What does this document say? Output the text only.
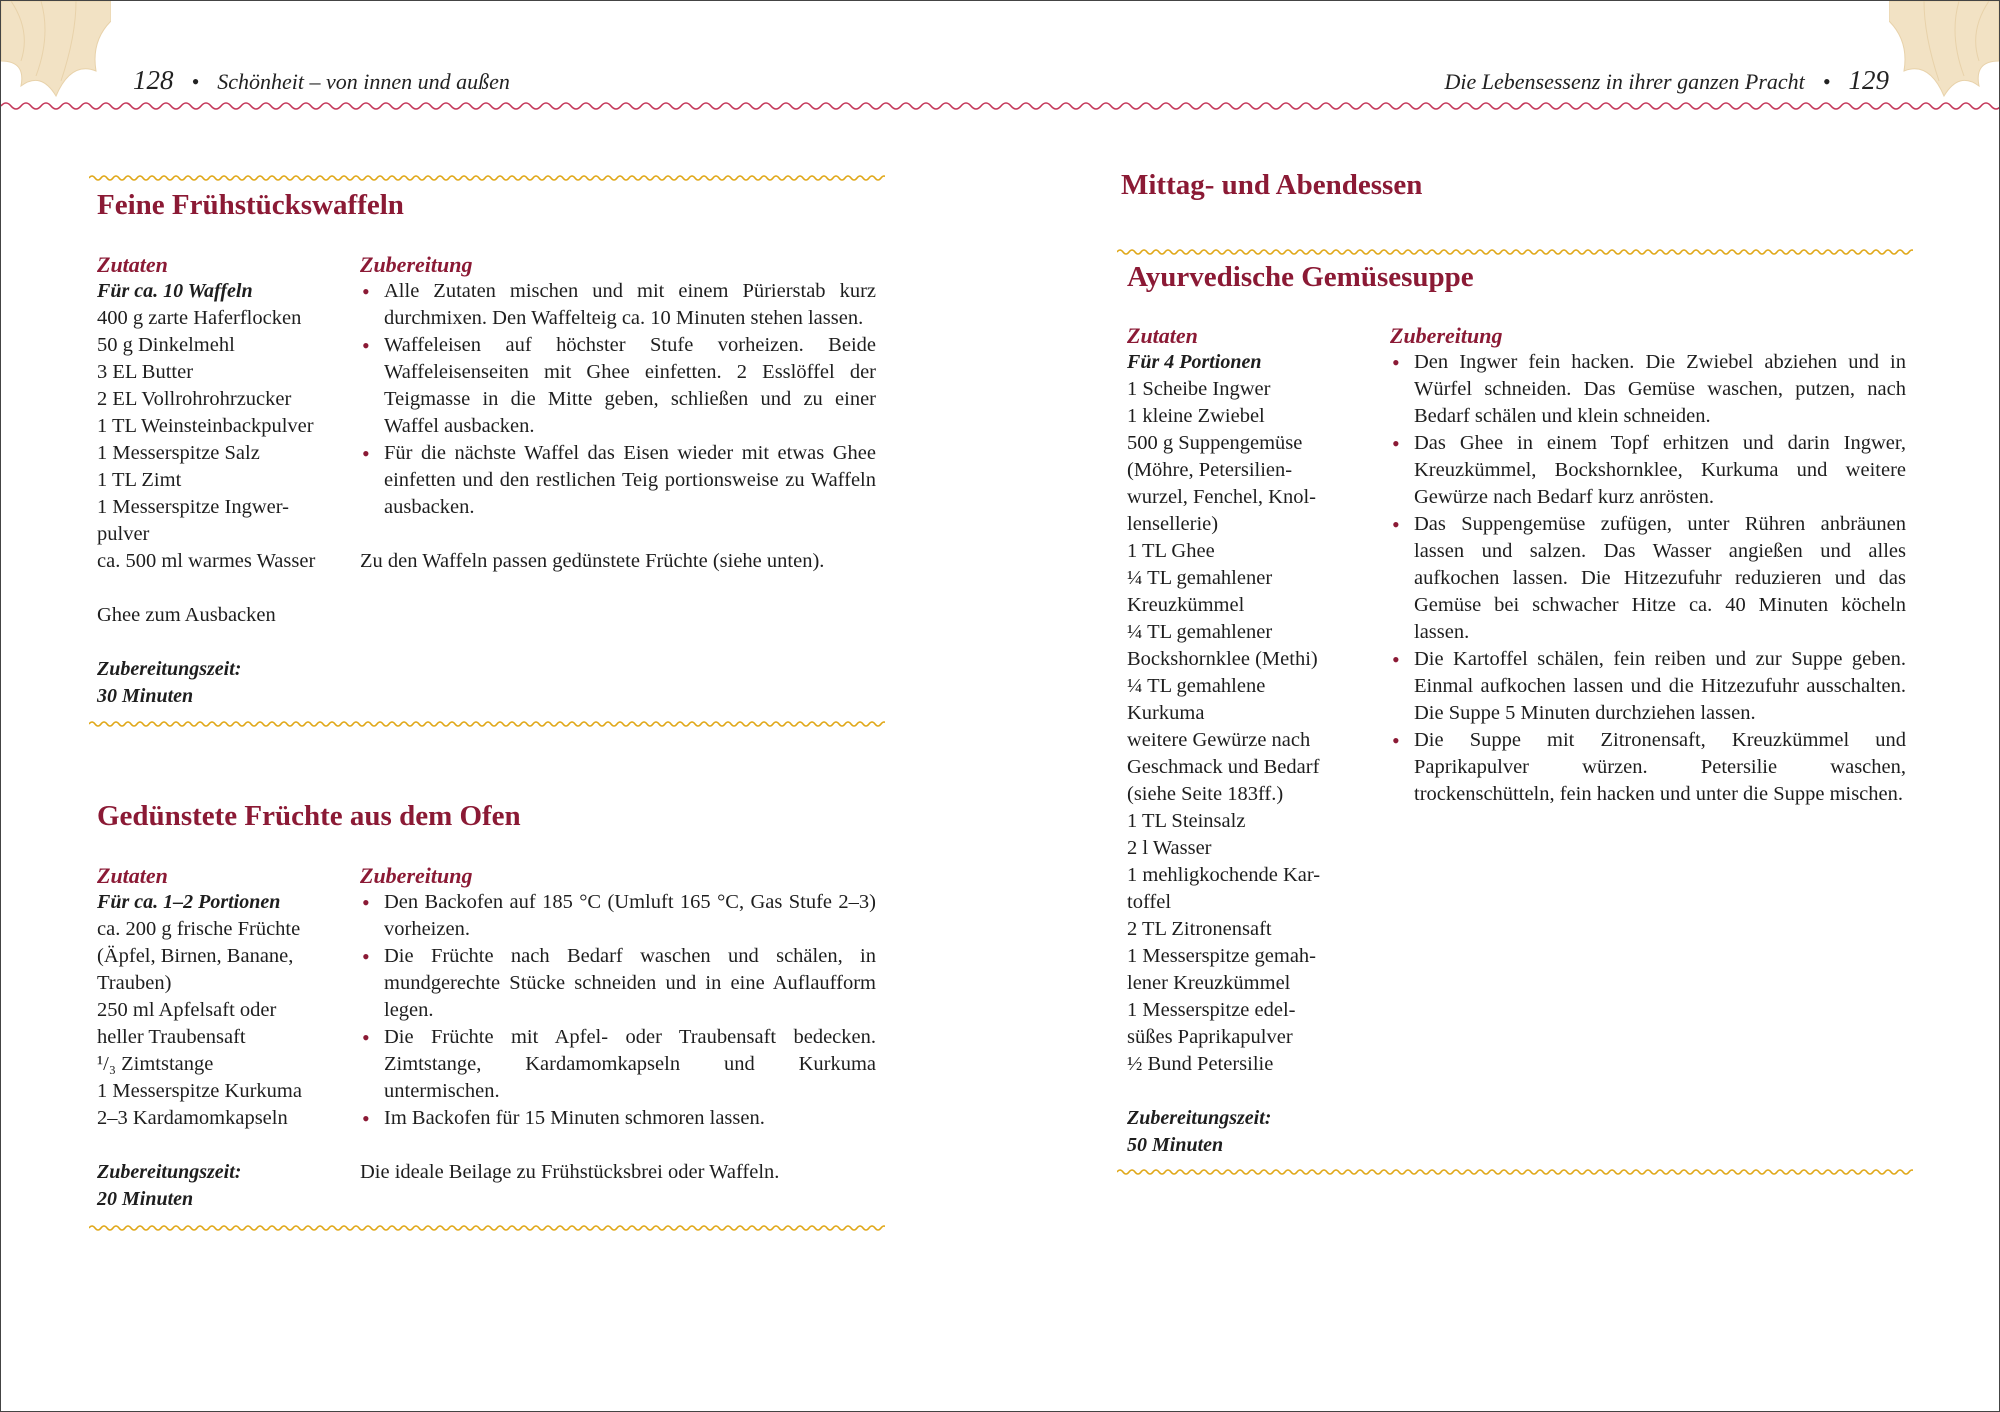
128 • Schönheit – von innen und außen	Die Lebensessenz in ihrer ganzen Pracht • 129
Feine Frühstückswaffeln
Zutaten
Für ca. 10 Waffeln
400 g zarte Haferflocken
50 g Dinkelmehl
3 EL Butter
2 EL Vollrohrohrzucker
1 TL Weinsteinbackpulver
1 Messerspitze Salz
1 TL Zimt
1 Messerspitze Ingwer-
pulver
ca. 500 ml warmes Wasser
Ghee zum Ausbacken
Zubereitungszeit:
30 Minuten
Zubereitung
• Alle Zutaten mischen und mit einem Pürierstab kurz durchmixen. Den Waffelteig ca. 10 Minuten stehen lassen.
• Waffeleisen auf höchster Stufe vorheizen. Beide Waffeleisenseiten mit Ghee einfetten. 2 Esslöffel der Teigmasse in die Mitte geben, schließen und zu einer Waffel ausbacken.
• Für die nächste Waffel das Eisen wieder mit etwas Ghee einfetten und den restlichen Teig portionsweise zu Waffeln ausbacken.
Zu den Waffeln passen gedünstete Früchte (siehe unten).
Gedünstete Früchte aus dem Ofen
Zutaten
Für ca. 1–2 Portionen
ca. 200 g frische Früchte
(Äpfel, Birnen, Banane,
Trauben)
250 ml Apfelsaft oder
heller Traubensaft
¹/₃ Zimtstange
1 Messerspitze Kurkuma
2–3 Kardamomkapseln
Zubereitungszeit:
20 Minuten
Zubereitung
• Den Backofen auf 185 °C (Umluft 165 °C, Gas Stufe 2–3) vorheizen.
• Die Früchte nach Bedarf waschen und schälen, in mundgerechte Stücke schneiden und in eine Auflaufform legen.
• Die Früchte mit Apfel- oder Traubensaft bedecken. Zimtstange, Kardamomkapseln und Kurkuma untermischen.
• Im Backofen für 15 Minuten schmoren lassen.
Die ideale Beilage zu Frühstücksbrei oder Waffeln.
Mittag- und Abendessen
Ayurvedische Gemüsesuppe
Zutaten
Für 4 Portionen
1 Scheibe Ingwer
1 kleine Zwiebel
500 g Suppengemüse
(Möhre, Petersilien-
wurzel, Fenchel, Knol-
lensellerie)
1 TL Ghee
¼ TL gemahlener
Kreuzkümmel
¼ TL gemahlener
Bockshornklee (Methi)
¼ TL gemahlene
Kurkuma
weitere Gewürze nach
Geschmack und Bedarf
(siehe Seite 183ff.)
1 TL Steinsalz
2 l Wasser
1 mehligkochende Kar-
toffel
2 TL Zitronensaft
1 Messerspitze gemah-
lener Kreuzkümmel
1 Messerspitze edel-
süßes Paprikapulver
½ Bund Petersilie
Zubereitungszeit:
50 Minuten
Zubereitung
• Den Ingwer fein hacken. Die Zwiebel abziehen und in Würfel schneiden. Das Gemüse waschen, putzen, nach Bedarf schälen und klein schneiden.
• Das Ghee in einem Topf erhitzen und darin Ingwer, Kreuzkümmel, Bockshornklee, Kurkuma und weitere Gewürze nach Bedarf kurz anrösten.
• Das Suppengemüse zufügen, unter Rühren anbräunen lassen und salzen. Das Wasser angießen und alles aufkochen lassen. Die Hitzezufuhr reduzieren und das Gemüse bei schwacher Hitze ca. 40 Minuten köcheln lassen.
• Die Kartoffel schälen, fein reiben und zur Suppe geben. Einmal aufkochen lassen und die Hitzezufuhr ausschalten. Die Suppe 5 Minuten durchziehen lassen.
• Die Suppe mit Zitronensaft, Kreuzkümmel und Paprikapulver würzen. Petersilie waschen, trockenschütteln, fein hacken und unter die Suppe mischen.
